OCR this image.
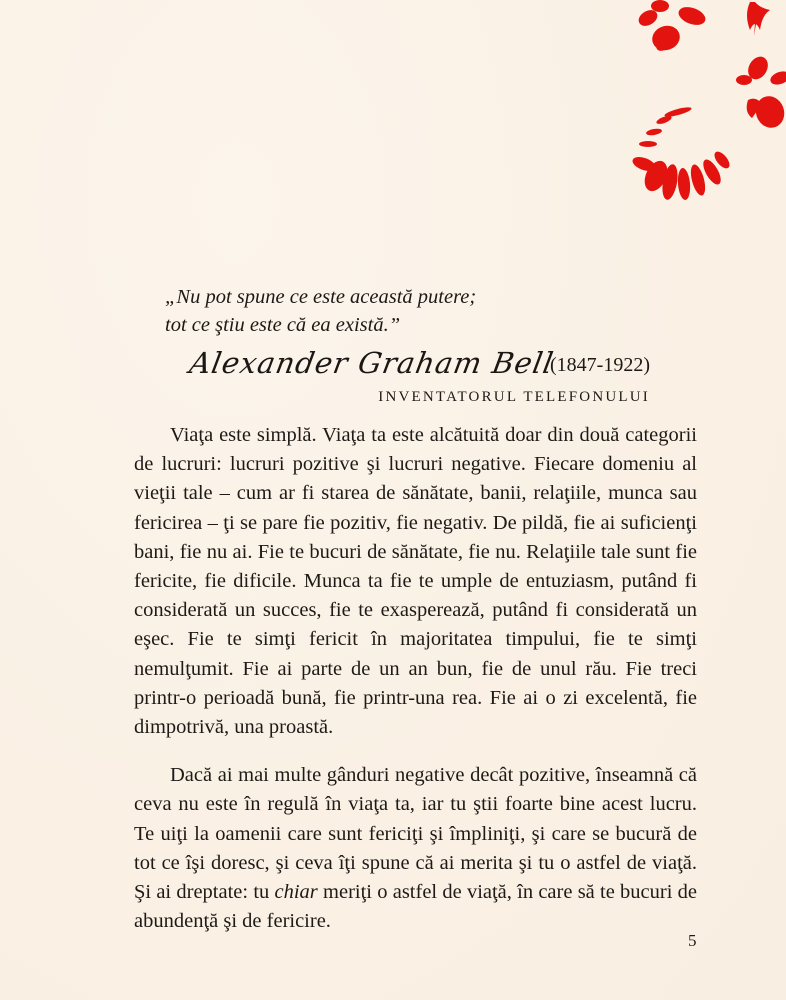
„Nu pot spune ce este această putere;
tot ce ştiu este că ea există.”
Alexander Graham Bell
(1847-1922)
INVENTATORUL TELEFONULUI

Viaţa este simplă. Viaţa ta este alcătuită doar din două categorii de lucruri: lucruri pozitive şi lucruri negative. Fiecare domeniu al vieţii tale – cum ar fi starea de sănătate, banii, relaţiile, munca sau fericirea – ţi se pare fie pozitiv, fie negativ. De pildă, fie ai suficienţi bani, fie nu ai. Fie te bucuri de sănătate, fie nu. Relaţiile tale sunt fie fericite, fie dificile. Munca ta fie te umple de entuziasm, putând fi considerată un succes, fie te exasperează, putând fi considerată un eşec. Fie te simţi fericit în majoritatea timpului, fie te simţi nemulţumit. Fie ai parte de un an bun, fie de unul rău. Fie treci printr-o perioadă bună, fie printr-una rea. Fie ai o zi excelentă, fie dimpotrivă, una proastă.

Dacă ai mai multe gânduri negative decât pozitive, înseamnă că ceva nu este în regulă în viaţa ta, iar tu ştii foarte bine acest lucru. Te uiţi la oamenii care sunt fericiţi şi împliniţi, şi care se bucură de tot ce îşi doresc, şi ceva îţi spune că ai merita şi tu o astfel de viaţă. Şi ai dreptate: tu chiar meriţi o astfel de viaţă, în care să te bucuri de abundenţă şi de fericire.

5
